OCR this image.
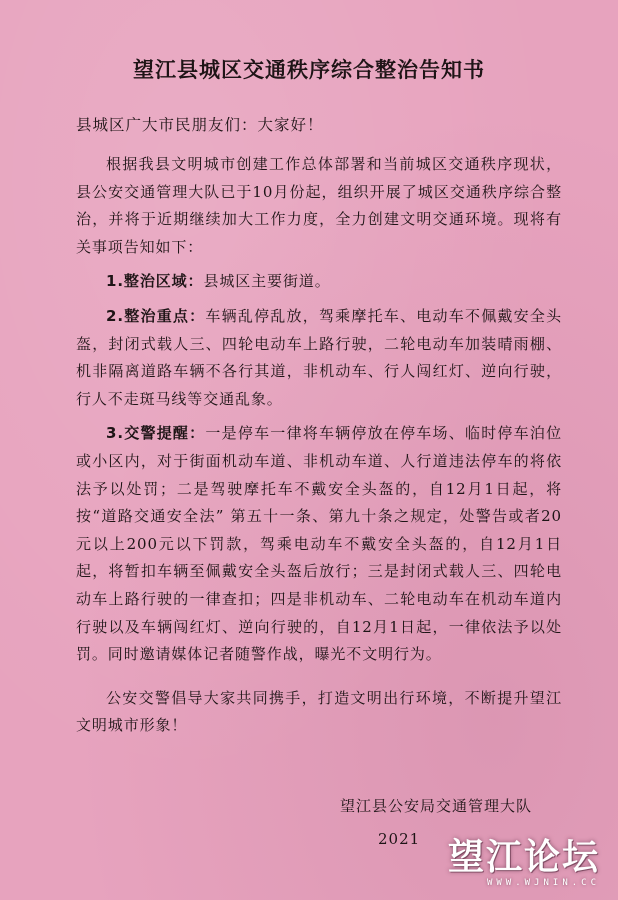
望江县城区交通秩序综合整治告知书
县城区广大市民朋友们：大家好！

根据我县文明城市创建工作总体部署和当前城区交通秩序现状，县公安交通管理大队已于10月份起，组织开展了城区交通秩序综合整治，并将于近期继续加大工作力度，全力创建文明交通环境。现将有关事项告知如下：

1.整治区域：县城区主要街道。

2.整治重点：车辆乱停乱放，驾乘摩托车、电动车不佩戴安全头盔，封闭式载人三、四轮电动车上路行驶，二轮电动车加装晴雨棚、机非隔离道路车辆不各行其道，非机动车、行人闯红灯、逆向行驶，行人不走斑马线等交通乱象。

3.交警提醒：一是停车一律将车辆停放在停车场、临时停车泊位或小区内，对于街面机动车道、非机动车道、人行道违法停车的将依法予以处罚；二是驾驶摩托车不戴安全头盔的，自12月1日起，将按“道路交通安全法” 第五十一条、第九十条之规定，处警告或者20元以上200元以下罚款，驾乘电动车不戴安全头盔的，自12月1日起，将暂扣车辆至佩戴安全头盔后放行；三是封闭式载人三、四轮电动车上路行驶的一律查扣；四是非机动车、二轮电动车在机动车道内行驶以及车辆闯红灯、逆向行驶的，自12月1日起，一律依法予以处罚。同时邀请媒体记者随警作战，曝光不文明行为。

公安交警倡导大家共同携手，打造文明出行环境，不断提升望江文明城市形象！

望江县公安局交通管理大队
2021 望江论坛
WWW.WJNIN.CC
